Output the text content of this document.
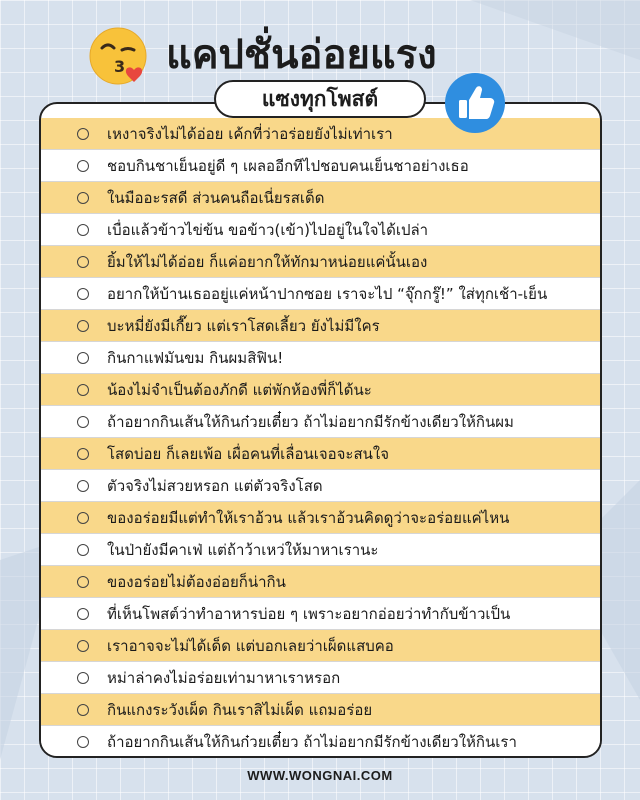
3 แคปชั่นอ่อยแรง
แซงทุกโพสต์
เหงาจริงไม่ได้อ่อย เค้กที่ว่าอร่อยยังไม่เท่าเรา
ชอบกินชาเย็นอยู่ดี ๆ เผลออีกทีไปชอบคนเย็นชาอย่างเธอ
ในมืออะรสดี ส่วนคนถือเนี่ยรสเด็ด
เบื่อแล้วข้าวไข่ข้น ขอข้าว(เข้า)ไปอยู่ในใจได้เปล่า
ยิ้มให้ไม่ได้อ่อย ก็แค่อยากให้ทักมาหน่อยแค่นั้นเอง
อยากให้บ้านเธออยู่แค่หน้าปากซอย เราจะไป “จุ๊กกรู๊!” ใส่ทุกเช้า-เย็น
บะหมี่ยังมีเกี๊ยว แต่เราโสดเลี้ยว ยังไม่มีใคร
กินกาแฟมันขม กินผมสิฟิน!
น้องไม่จำเป็นต้องภักดี แต่พักห้องพี่ก็ได้นะ
ถ้าอยากกินเส้นให้กินก๋วยเตี๋ยว ถ้าไม่อยากมีรักข้างเดียวให้กินผม
โสดบ่อย ก็เลยเพ้อ เผื่อคนที่เลื่อนเจอจะสนใจ
ตัวจริงไม่สวยหรอก แต่ตัวจริงโสด
ของอร่อยมีแต่ทำให้เราอ้วน แล้วเราอ้วนคิดดูว่าจะอร่อยแค่ไหน
ในป่ายังมีคาเฟ่ แต่ถ้าว้าเหว่ให้มาหาเรานะ
ของอร่อยไม่ต้องอ่อยก็น่ากิน
ที่เห็นโพสต์ว่าทำอาหารบ่อย ๆ เพราะอยากอ่อยว่าทำกับข้าวเป็น
เราอาจจะไม่ได้เด็ด แต่บอกเลยว่าเผ็ดแสบคอ
หม่าล่าคงไม่อร่อยเท่ามาหาเราหรอก
กินแกงระวังเผ็ด กินเราสิไม่เผ็ด แถมอร่อย
ถ้าอยากกินเส้นให้กินก๋วยเตี๋ยว ถ้าไม่อยากมีรักข้างเดียวให้กินเรา
WWW.WONGNAI.COM
